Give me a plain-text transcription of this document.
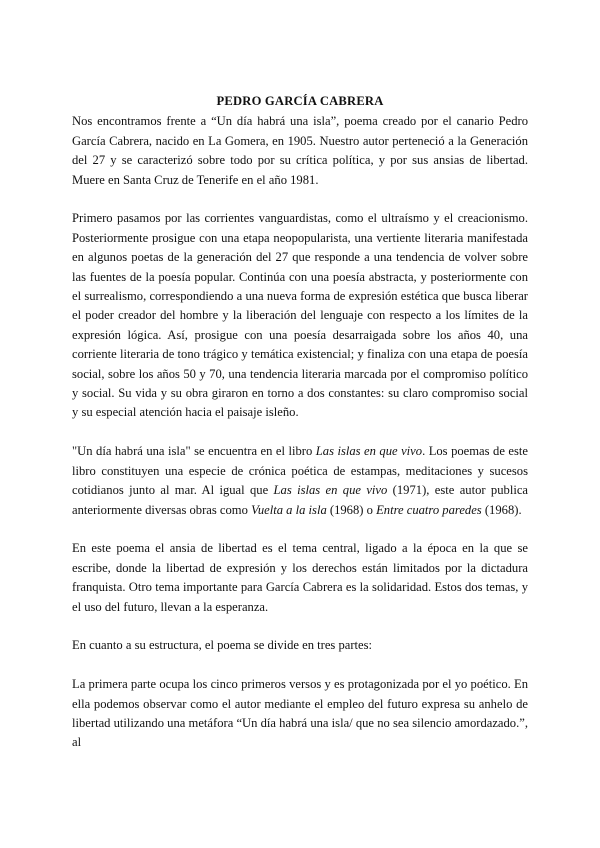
PEDRO GARCÍA CABRERA

Nos encontramos frente a “Un día habrá una isla”, poema creado por el canario Pedro García Cabrera, nacido en La Gomera, en 1905. Nuestro autor perteneció a la Generación del 27 y se caracterizó sobre todo por su crítica política, y por sus ansias de libertad. Muere en Santa Cruz de Tenerife en el año 1981.

Primero pasamos por las corrientes vanguardistas, como el ultraísmo y el creacionismo. Posteriormente prosigue con una etapa neopopularista, una vertiente literaria manifestada en algunos poetas de la generación del 27 que responde a una tendencia de volver sobre las fuentes de la poesía popular. Continúa con una poesía abstracta, y posteriormente con el surrealismo, correspondiendo a una nueva forma de expresión estética que busca liberar el poder creador del hombre y la liberación del lenguaje con respecto a los límites de la expresión lógica. Así, prosigue con una poesía desarraigada sobre los años 40, una corriente literaria de tono trágico y temática existencial; y finaliza con una etapa de poesía social, sobre los años 50 y 70, una tendencia literaria marcada por el compromiso político y social. Su vida y su obra giraron en torno a dos constantes: su claro compromiso social y su especial atención hacia el paisaje isleño.

"Un día habrá una isla" se encuentra en el libro Las islas en que vivo. Los poemas de este libro constituyen una especie de crónica poética de estampas, meditaciones y sucesos cotidianos junto al mar. Al igual que Las islas en que vivo (1971), este autor publica anteriormente diversas obras como Vuelta a la isla (1968) o Entre cuatro paredes (1968).

En este poema el ansia de libertad es el tema central, ligado a la época en la que se escribe, donde la libertad de expresión y los derechos están limitados por la dictadura franquista. Otro tema importante para García Cabrera es la solidaridad. Estos dos temas, y el uso del futuro, llevan a la esperanza.

En cuanto a su estructura, el poema se divide en tres partes:

La primera parte ocupa los cinco primeros versos y es protagonizada por el yo poético. En ella podemos observar como el autor mediante el empleo del futuro expresa su anhelo de libertad utilizando una metáfora “Un día habrá una isla/ que no sea silencio amordazado.”, al
